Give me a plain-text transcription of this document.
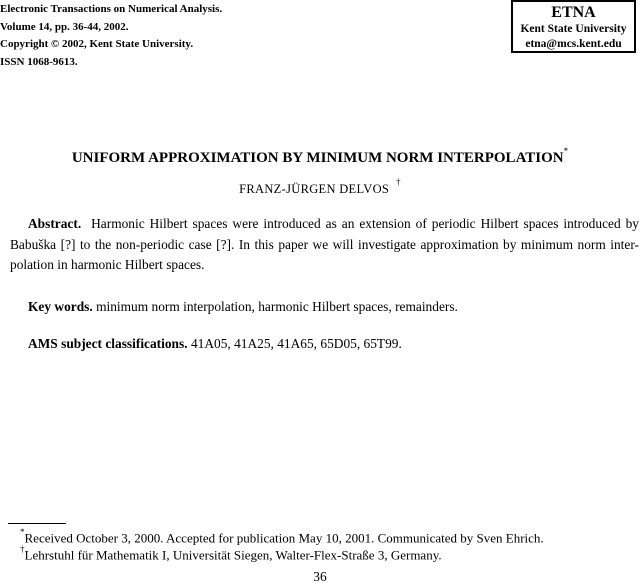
Electronic Transactions on Numerical Analysis.
Volume 14, pp. 36-44, 2002.
Copyright © 2002, Kent State University.
ISSN 1068-9613.
ETNA
Kent State University
etna@mcs.kent.edu
UNIFORM APPROXIMATION BY MINIMUM NORM INTERPOLATION*
FRANZ-JÜRGEN DELVOS  †
Abstract. Harmonic Hilbert spaces were introduced as an extension of periodic Hilbert spaces introduced by
Babuška [?] to the non-periodic case [?]. In this paper we will investigate approximation by minimum norm inter-
polation in harmonic Hilbert spaces.
Key words. minimum norm interpolation, harmonic Hilbert spaces, remainders.
AMS subject classifications. 41A05, 41A25, 41A65, 65D05, 65T99.
*Received October 3, 2000. Accepted for publication May 10, 2001. Communicated by Sven Ehrich.
†Lehrstuhl für Mathematik I, Universität Siegen, Walter-Flex-Straße 3, Germany.
36
